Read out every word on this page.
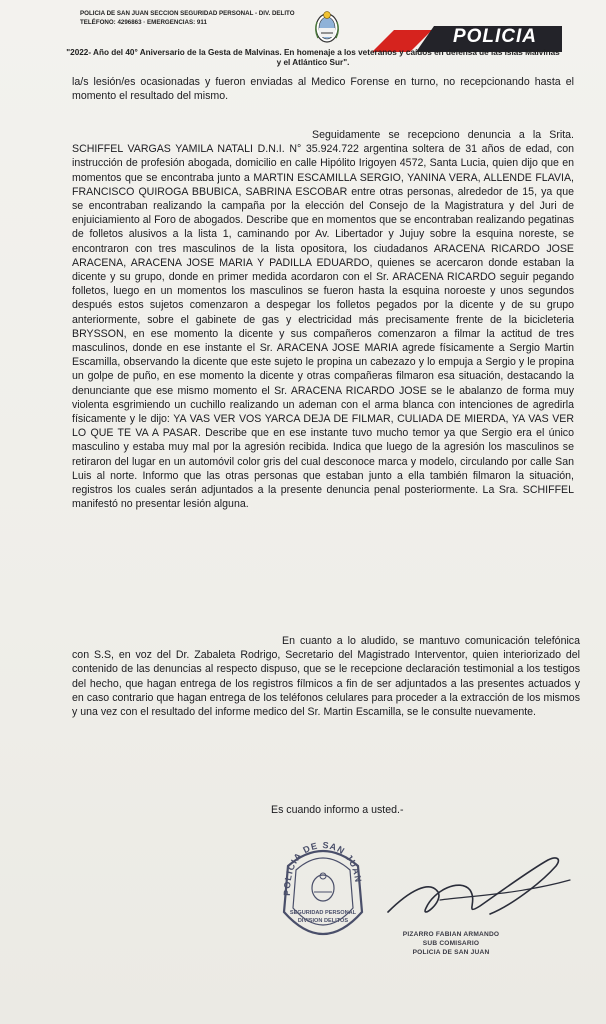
POLICIA DE SAN JUAN SECCION SEGURIDAD PERSONAL - DIV. DELITO
TELÉFONO: 4296863 · EMERGENCIAS: 911
POLICIA
"2022- Año del 40° Aniversario de la Gesta de Malvinas. En homenaje a los veteranos y caídos en defensa de las Islas Malvinas y el Atlántico Sur".

la/s lesión/es ocasionadas y fueron enviadas al Medico Forense en turno, no recepcionando hasta el momento el resultado del mismo.

Seguidamente se recepciono denuncia a la Srita. SCHIFFEL VARGAS YAMILA NATALI D.N.I. N° 35.924.722 argentina soltera de 31 años de edad, con instrucción de profesión abogada, domicilio en calle Hipólito Irigoyen 4572, Santa Lucia, quien dijo que en momentos que se encontraba junto a MARTIN ESCAMILLA SERGIO, YANINA VERA, ALLENDE FLAVIA, FRANCISCO QUIROGA BBUBICA, SABRINA ESCOBAR entre otras personas, alrededor de 15, ya que se encontraban realizando la campaña por la elección del Consejo de la Magistratura y del Juri de enjuiciamiento al Foro de abogados. Describe que en momentos que se encontraban realizando pegatinas de folletos alusivos a la lista 1, caminando por Av. Libertador y Jujuy sobre la esquina noreste, se encontraron con tres masculinos de la lista opositora, los ciudadanos ARACENA RICARDO JOSE ARACENA, ARACENA JOSE MARIA Y PADILLA EDUARDO, quienes se acercaron donde estaban la dicente y su grupo, donde en primer medida acordaron con el Sr. ARACENA RICARDO seguir pegando folletos, luego en un momentos los masculinos se fueron hasta la esquina noroeste y unos segundos después estos sujetos comenzaron a despegar los folletos pegados por la dicente y de su grupo anteriormente, sobre el gabinete de gas y electricidad más precisamente frente de la bicicleteria BRYSSON, en ese momento la dicente y sus compañeros comenzaron a filmar la actitud de tres masculinos, donde en ese instante el Sr. ARACENA JOSE MARIA agrede físicamente a Sergio Martin Escamilla, observando la dicente que este sujeto le propina un cabezazo y lo empuja a Sergio y le propina un golpe de puño, en ese momento la dicente y otras compañeras filmaron esa situación, destacando la denunciante que ese mismo momento el Sr. ARACENA RICARDO JOSE se le abalanzo de forma muy violenta esgrimiendo un cuchillo realizando un ademan con el arma blanca con intenciones de agredirla físicamente y le dijo: YA VAS VER VOS YARCA DEJA DE FILMAR, CULIADA DE MIERDA, YA VAS VER LO QUE TE VA A PASAR. Describe que en ese instante tuvo mucho temor ya que Sergio era el único masculino y estaba muy mal por la agresión recibida. Indica que luego de la agresión los masculinos se retiraron del lugar en un automóvil color gris del cual desconoce marca y modelo, circulando por calle San Luis al norte. Informo que las otras personas que estaban junto a ella también filmaron la situación, registros los cuales serán adjuntados a la presente denuncia penal posteriormente. La Sra. SCHIFFEL manifestó no presentar lesión alguna.

En cuanto a lo aludido, se mantuvo comunicación telefónica con S.S, en voz del Dr. Zabaleta Rodrigo, Secretario del Magistrado Interventor, quien interiorizado del contenido de las denuncias al respecto dispuso, que se le recepcione declaración testimonial a los testigos del hecho, que hagan entrega de los registros fílmicos a fin de ser adjuntados a las presentes actuados y en caso contrario que hagan entrega de los teléfonos celulares para proceder a la extracción de los mismos y una vez con el resultado del informe medico del Sr. Martin Escamilla, se le consulte nuevamente.

Es cuando informo a usted.-
POLICIA DE SAN JUAN
SEGURIDAD PERSONAL
DIVISION DELITOS
PIZARRO FABIAN ARMANDO
SUB COMISARIO
POLICIA DE SAN JUAN
